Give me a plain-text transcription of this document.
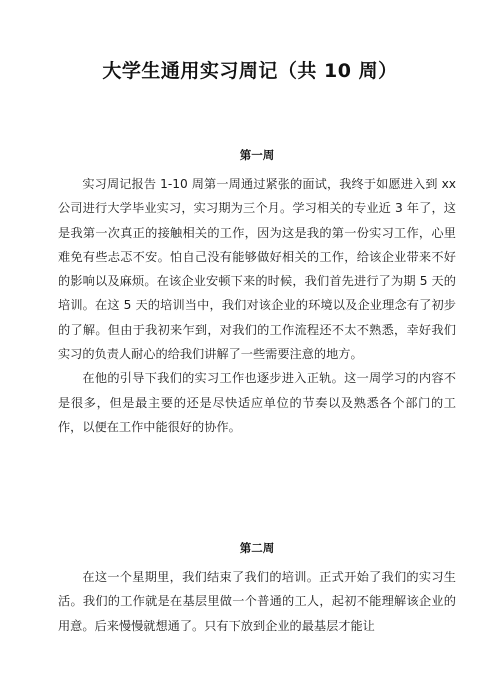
大学生通用实习周记（共 10 周）
第一周

实习周记报告 1-10 周第一周通过紧张的面试，我终于如愿进入到 xx 公司进行大学毕业实习，实习期为三个月。学习相关的专业近 3 年了，这是我第一次真正的接触相关的工作，因为这是我的第一份实习工作，心里难免有些忐忑不安。怕自己没有能够做好相关的工作，给该企业带来不好的影响以及麻烦。在该企业安顿下来的时候，我们首先进行了为期 5 天的培训。在这 5 天的培训当中，我们对该企业的环境以及企业理念有了初步的了解。但由于我初来乍到，对我们的工作流程还不太不熟悉，幸好我们实习的负责人耐心的给我们讲解了一些需要注意的地方。

在他的引导下我们的实习工作也逐步进入正轨。这一周学习的内容不是很多，但是最主要的还是尽快适应单位的节奏以及熟悉各个部门的工作，以便在工作中能很好的协作。

第二周

在这一个星期里，我们结束了我们的培训。正式开始了我们的实习生活。我们的工作就是在基层里做一个普通的工人，起初不能理解该企业的用意。后来慢慢就想通了。只有下放到企业的最基层才能让
